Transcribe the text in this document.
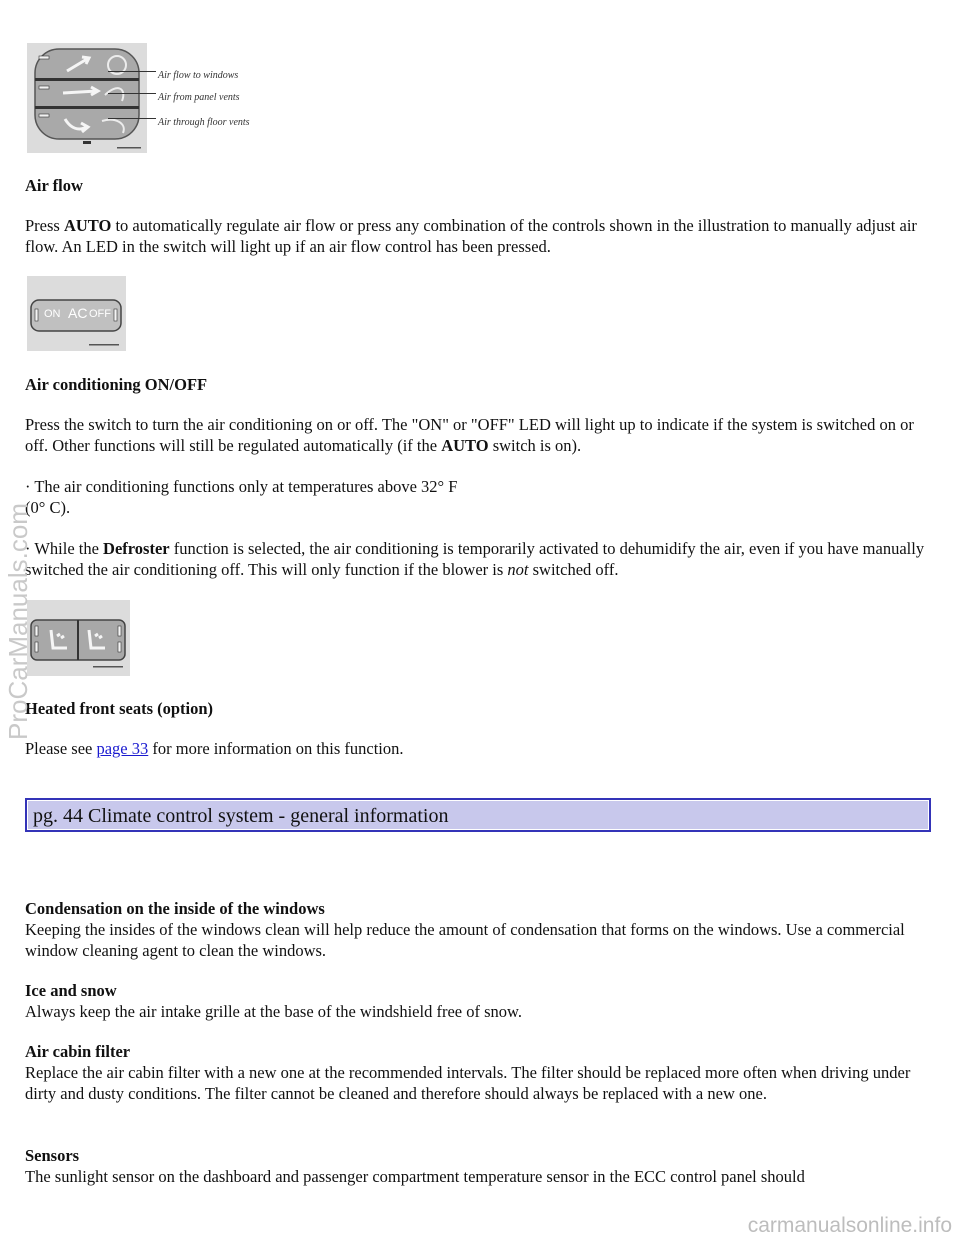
Air flow to windows
Air from panel vents
Air through floor vents

Air flow

Press AUTO to automatically regulate air flow or press any combination of the controls shown in the illustration to manually adjust air flow. An LED in the switch will light up if an air flow control has been pressed.

ON AC OFF

Air conditioning ON/OFF

Press the switch to turn the air conditioning on or off. The "ON" or "OFF" LED will light up to indicate if the system is switched on or off. Other functions will still be regulated automatically (if the AUTO switch is on).

· The air conditioning functions only at temperatures above 32° F
(0° C).

· While the Defroster function is selected, the air conditioning is temporarily activated to dehumidify the air, even if you have manually switched the air conditioning off. This will only function if the blower is not switched off.

Heated front seats (option)

Please see page 33 for more information on this function.

pg. 44 Climate control system - general information
Condensation on the inside of the windows
Keeping the insides of the windows clean will help reduce the amount of condensation that forms on the windows. Use a commercial window cleaning agent to clean the windows.
Ice and snow
Always keep the air intake grille at the base of the windshield free of snow.
Air cabin filter
Replace the air cabin filter with a new one at the recommended intervals. The filter should be replaced more often when driving under dirty and dusty conditions. The filter cannot be cleaned and therefore should always be replaced with a new one.
Sensors
The sunlight sensor on the dashboard and passenger compartment temperature sensor in the ECC control panel should
ProCarManuals.com
carmanualsonline.info
